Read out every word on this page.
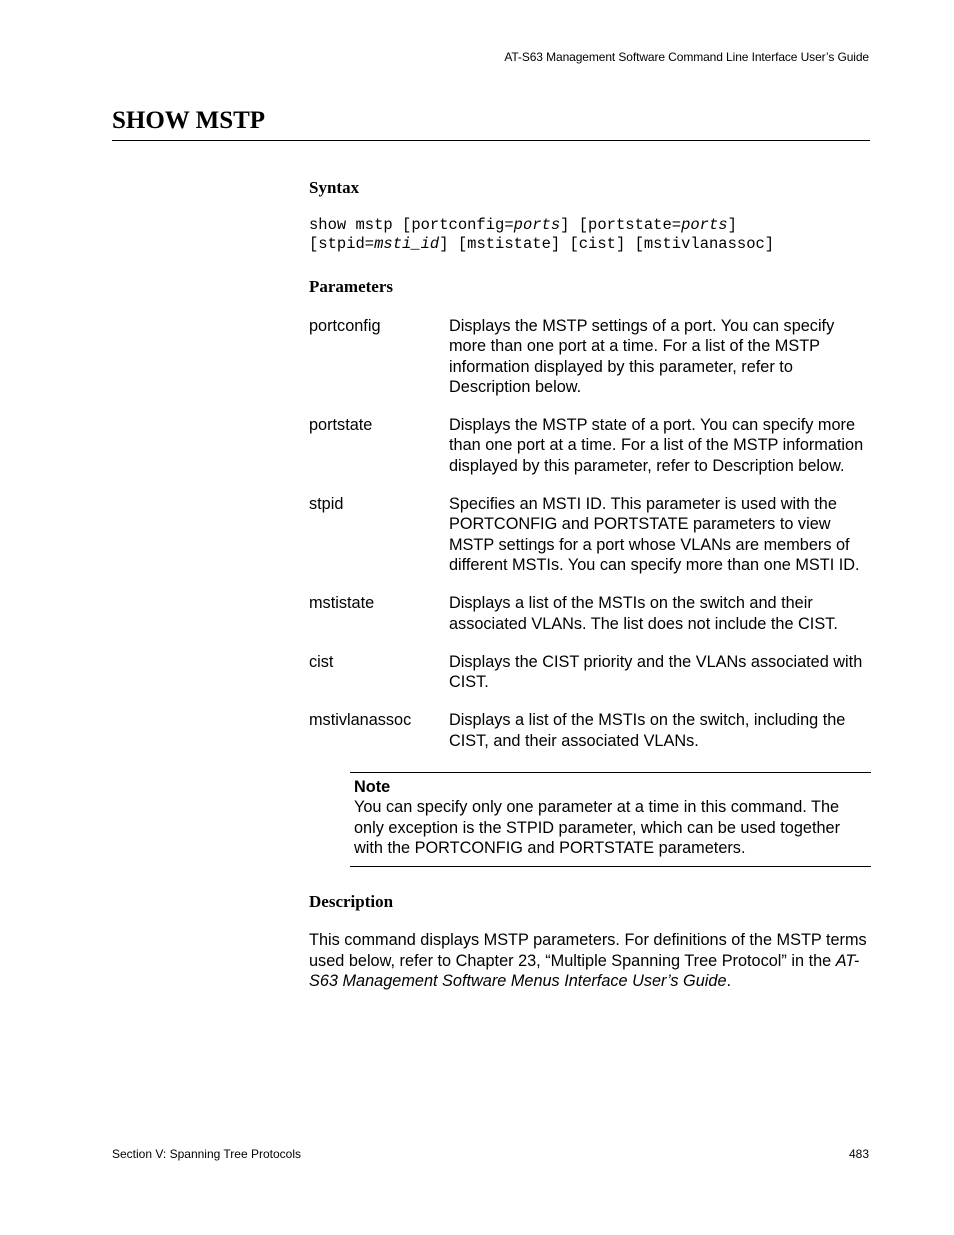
AT-S63 Management Software Command Line Interface User’s Guide
SHOW MSTP
Syntax
show mstp [portconfig=ports] [portstate=ports]
[stpid=msti_id] [mstistate] [cist] [mstivlanassoc]
Parameters
portconfig	Displays the MSTP settings of a port. You can specify more than one port at a time. For a list of the MSTP information displayed by this parameter, refer to Description below.
portstate	Displays the MSTP state of a port. You can specify more than one port at a time. For a list of the MSTP information displayed by this parameter, refer to Description below.
stpid	Specifies an MSTI ID. This parameter is used with the PORTCONFIG and PORTSTATE parameters to view MSTP settings for a port whose VLANs are members of different MSTIs. You can specify more than one MSTI ID.
mstistate	Displays a list of the MSTIs on the switch and their associated VLANs. The list does not include the CIST.
cist	Displays the CIST priority and the VLANs associated with CIST.
mstivlanassoc	Displays a list of the MSTIs on the switch, including the CIST, and their associated VLANs.
Note
You can specify only one parameter at a time in this command. The only exception is the STPID parameter, which can be used together with the PORTCONFIG and PORTSTATE parameters.
Description
This command displays MSTP parameters. For definitions of the MSTP terms used below, refer to Chapter 23, “Multiple Spanning Tree Protocol” in the AT-S63 Management Software Menus Interface User’s Guide.
Section V: Spanning Tree Protocols	483
